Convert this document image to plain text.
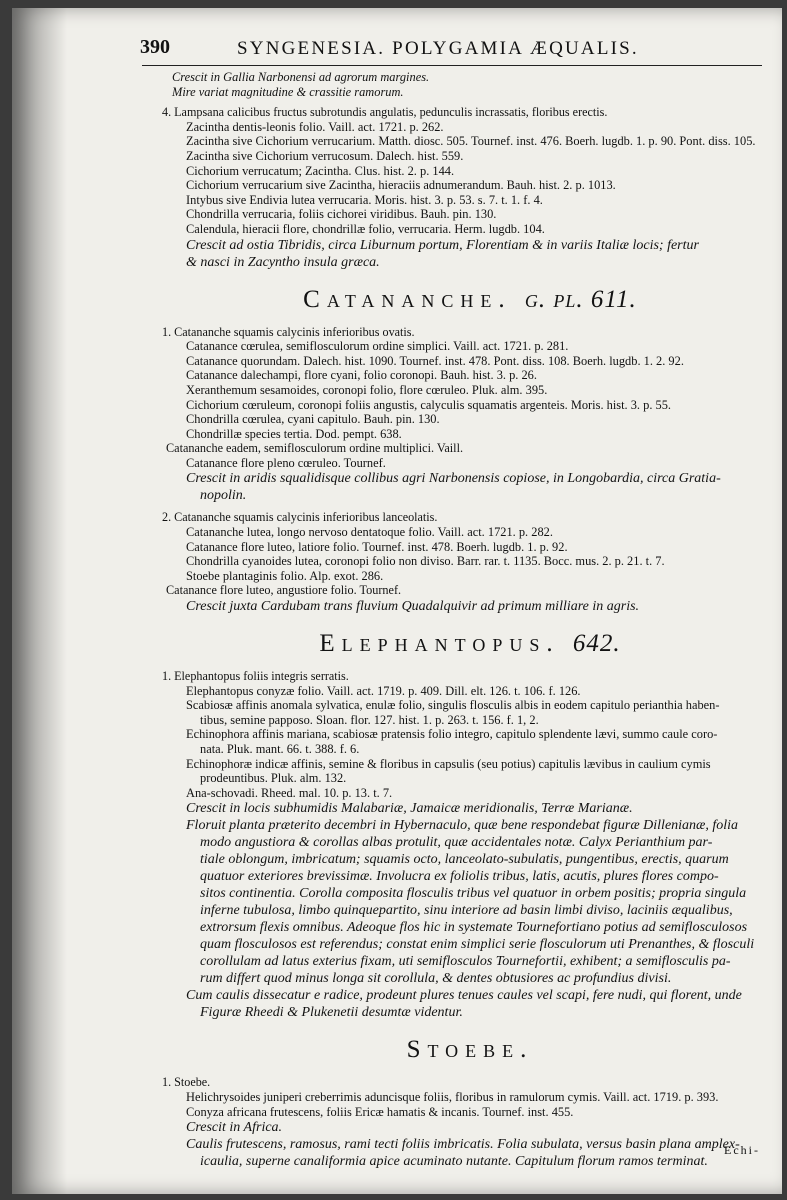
390	SYNGENESIA. POLYGAMIA ÆQUALIS.
Crescit in Gallia Narbonensi ad agrorum margines.
Mire variat magnitudine & crassitie ramorum.
4. Lampsana calicibus fructus subrotundis angulatis, pedunculis incrassatis, floribus erectis.
Zacintha dentis-leonis folio. Vaill. act. 1721. p. 262.
Zacintha sive Cichorium verrucarium. Matth. diosc. 505. Tournef. inst. 476. Boerh. lugdb. 1. p. 90. Pont. diss. 105.
Zacintha sive Cichorium verrucosum. Dalech. hist. 559.
Cichorium verrucatum; Zacintha. Clus. hist. 2. p. 144.
Cichorium verrucarium sive Zacintha, hieraciis adnumerandum. Bauh. hist. 2. p. 1013.
Intybus sive Endivia lutea verrucaria. Moris. hist. 3. p. 53. s. 7. t. 1. f. 4.
Chondrilla verrucaria, foliis cichorei viridibus. Bauh. pin. 130.
Calendula, hieracii flore, chondrillæ folio, verrucaria. Herm. lugdb. 104.
Crescit ad ostia Tibridis, circa Liburnum portum, Florentiam & in variis Italiæ locis; fertur
& nasci in Zacyntho insula græca.
Catananche. g. pl. 611.
1. Catananche squamis calycinis inferioribus ovatis.
Catanance cœrulea, semiflosculorum ordine simplici. Vaill. act. 1721. p. 281.
Catanance quorundam. Dalech. hist. 1090. Tournef. inst. 478. Pont. diss. 108. Boerh. lugdb. 1. 2. 92.
Catanance dalechampi, flore cyani, folio coronopi. Bauh. hist. 3. p. 26.
Xeranthemum sesamoides, coronopi folio, flore cœruleo. Pluk. alm. 395.
Cichorium cœruleum, coronopi foliis angustis, calyculis squamatis argenteis. Moris. hist. 3. p. 55.
Chondrilla cœrulea, cyani capitulo. Bauh. pin. 130.
Chondrillæ species tertia. Dod. pempt. 638.
Catananche eadem, semiflosculorum ordine multiplici. Vaill.
Catanance flore pleno cœruleo. Tournef.
Crescit in aridis squalidisque collibus agri Narbonensis copiose, in Longobardia, circa Gratia-
nopolin.
2. Catananche squamis calycinis inferioribus lanceolatis.
Catananche lutea, longo nervoso dentatoque folio. Vaill. act. 1721. p. 282.
Catanance flore luteo, latiore folio. Tournef. inst. 478. Boerh. lugdb. 1. p. 92.
Chondrilla cyanoides lutea, coronopi folio non diviso. Barr. rar. t. 1135. Bocc. mus. 2. p. 21. t. 7.
Stoebe plantaginis folio. Alp. exot. 286.
Catanance flore luteo, angustiore folio. Tournef.
Crescit juxta Cardubam trans fluvium Quadalquivir ad primum milliare in agris.
Elephantopus. 642.
1. Elephantopus foliis integris serratis.
Elephantopus conyzæ folio. Vaill. act. 1719. p. 409. Dill. elt. 126. t. 106. f. 126.
Scabiosæ affinis anomala sylvatica, enulæ folio, singulis flosculis albis in eodem capitulo perianthia haben-
tibus, semine papposo. Sloan. flor. 127. hist. 1. p. 263. t. 156. f. 1, 2.
Echinophora affinis mariana, scabiosæ pratensis folio integro, capitulo splendente lævi, summo caule coro-
nata. Pluk. mant. 66. t. 388. f. 6.
Echinophoræ indicæ affinis, semine & floribus in capsulis (seu potius) capitulis lævibus in caulium cymis
prodeuntibus. Pluk. alm. 132.
Ana-schovadi. Rheed. mal. 10. p. 13. t. 7.
Crescit in locis subhumidis Malabariæ, Jamaicæ meridionalis, Terræ Marianæ.
Floruit planta præterito decembri in Hybernaculo, quæ bene respondebat figuræ Dillenianæ, folia
modo angustiora & corollas albas protulit, quæ accidentales notæ. Calyx Perianthium par-
tiale oblongum, imbricatum; squamis octo, lanceolato-subulatis, pungentibus, erectis, quarum
quatuor exteriores brevissimæ. Involucra ex foliolis tribus, latis, acutis, plures flores compo-
sitos continentia. Corolla composita flosculis tribus vel quatuor in orbem positis; propria singula
inferne tubulosa, limbo quinquepartito, sinu interiore ad basin limbi diviso, laciniis æqualibus,
extrorsum flexis omnibus. Adeoque flos hic in systemate Tournefortiano potius ad semiflosculosos
quam flosculosos est referendus; constat enim simplici serie flosculorum uti Prenanthes, & flosculi
corollulam ad latus exterius fixam, uti semiflosculos Tournefortii, exhibent; a semiflosculis pa-
rum differt quod minus longa sit corollula, & dentes obtusiores ac profundius divisi.
Cum caulis dissecatur e radice, prodeunt plures tenues caules vel scapi, fere nudi, qui florent, unde
Figuræ Rheedi & Plukenetii desumtæ videntur.
Stoebe.
1. Stoebe.
Helichrysoides juniperi creberrimis aduncisque foliis, floribus in ramulorum cymis. Vaill. act. 1719. p. 393.
Conyza africana frutescens, foliis Ericæ hamatis & incanis. Tournef. inst. 455.
Crescit in Africa.
Caulis frutescens, ramosus, rami tecti foliis imbricatis. Folia subulata, versus basin plana amplex-
icaulia, superne canaliformia apice acuminato nutante. Capitulum florum ramos terminat.
Echi-
